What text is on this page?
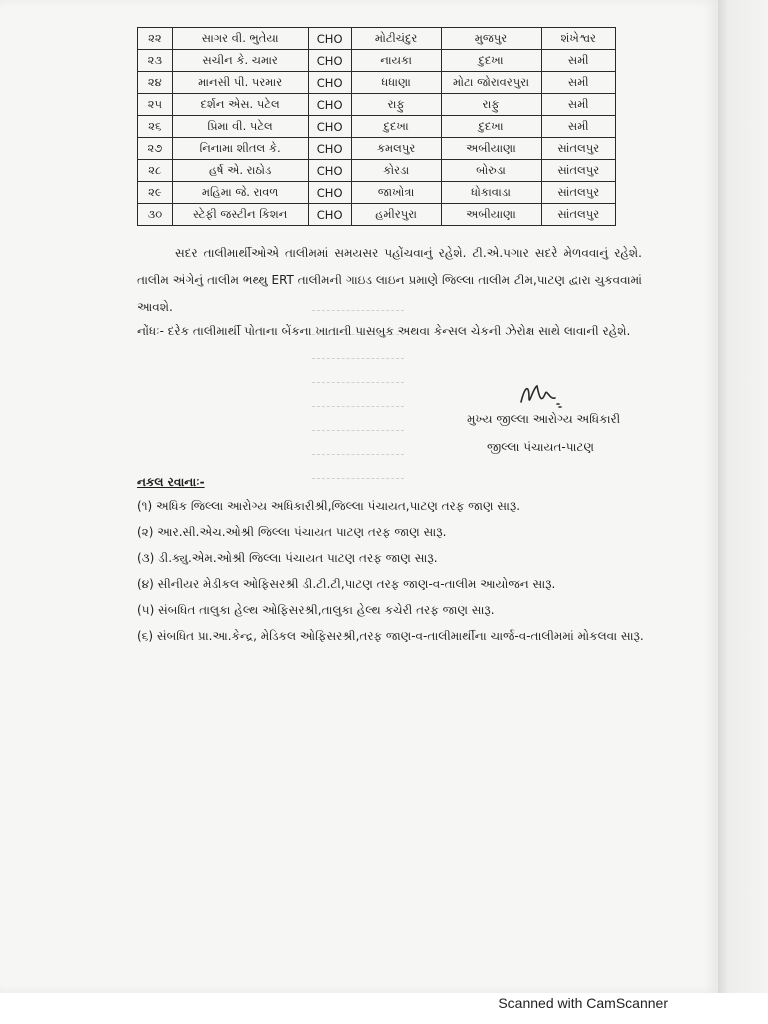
Scanned with CamScanner
૨૨	સાગર વી. ભુતેયા	CHO	મોટીચંદુર	મુજપુર	શંખેશ્વર
૨૩	સચીન કે. ચમાર	CHO	નાયકા	દુદખા	સમી
૨૪	માનસી પી. પરમાર	CHO	ધધાણા	મોટા જોરાવરપુરા	સમી
૨૫	દર્શન એસ. પટેલ	CHO	રાફુ	રાફુ	સમી
૨૬	પ્રિમા વી. પટેલ	CHO	દુદખા	દુદખા	સમી
૨૭	નિનામા શીતલ કે.	CHO	કમલપુર	અબીયાણા	સાંતલપુર
૨૮	હર્ષ એ. રાઠોડ	CHO	કોરડા	બોરુડા	સાંતલપુર
૨૯	મહિમા જે. રાવળ	CHO	જાખોત્રા	ધોકાવાડા	સાંતલપુર
૩૦	સ્ટેફી જસ્ટીન કિશન	CHO	હમીરપુરા	અબીયાણા	સાંતલપુર
સદર તાલીમાર્થીઓએ તાલીમમાં સમયસર પહોંચવાનું રહેશે. ટી.એ.પગાર સદરે મેળવવાનું રહેશે. તાલીમ અંગેનું તાલીમ ભથ્થુ ERT તાલીમની ગાઇડ લાઇન પ્રમાણે જિલ્લા તાલીમ ટીમ,પાટણ દ્વારા ચુકવવામાં આવશે.
નોંધઃ- દરેક તાલીમાર્થી પોતાના બેંકના ખાતાની પાસબુક અથવા કેન્સલ ચેકની ઝેરોક્ષ સાથે લાવાની રહેશે.
મુખ્ય જીલ્લા આરોગ્ય અધિકારી
જીલ્લા પંચાયત-પાટણ
નકલ રવાનાઃ-
(૧) અધિક જિલ્લા આરોગ્ય અધિકારીશ્રી,જિલ્લા પંચાયત,પાટણ તરફ જાણ સારૂ.
(૨) આર.સી.એચ.ઓશ્રી જિલ્લા પંચાયત પાટણ તરફ જાણ સારૂ.
(૩) ડી.ક્યુ.એમ.ઓશ્રી જિલ્લા પંચાયત પાટણ તરફ જાણ સારૂ.
(૪) સીનીયર મેડીકલ ઓફિસરશ્રી ડી.ટી.ટી,પાટણ તરફ જાણ-વ-તાલીમ આયોજન સારૂ.
(૫) સંબધિત તાલુકા હેલ્થ ઓફિસરશ્રી,તાલુકા હેલ્થ કચેરી તરફ જાણ સારૂ.
(૬) સંબધિત પ્રા.આ.કેન્દ્ર, મેડિકલ ઓફિસરશ્રી,તરફ જાણ-વ-તાલીમાર્થીના ચાર્જ-વ-તાલીમમાં મોકલવા સારૂ.
